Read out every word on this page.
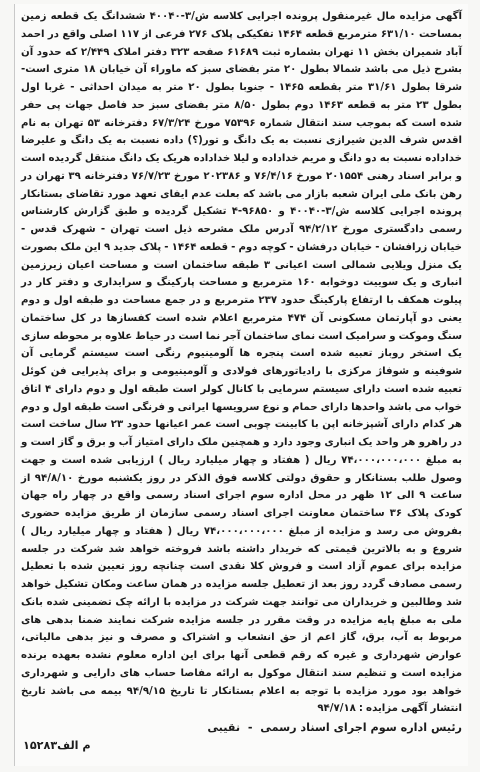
آگهی مزایده مال غیرمنقول پرونده اجرایی کلاسه ش/۳-۴۰۰۴۰ ششدانگ یک قطعه زمین بمساحت ۶۳۱/۱۰ مترمربع قطعه ۱۴۶۴ تفکیکی پلاک ۲۷۶ فرعی از ۱۱۷ اصلی واقع در احمد آباد شمیران بخش ۱۱ تهران بشماره ثبت ۶۱۶۸۹ صفحه ۳۲۳ دفتر املاک ۲/۴۴۹ که حدود آن بشرح ذیل می باشد شمالا بطول ۲۰ متر بفضای سبز که ماوراء آن خیابان ۱۸ متری است- شرقا بطول ۳۱/۶۱ متر بقطعه ۱۴۶۵ - جنوبا بطول ۲۰ متر به میدان احداثی - غربا اول بطول ۲۳ متر به قطعه ۱۴۶۳ دوم بطول ۸/۵۰ متر بفضای سبز حد فاصل جهات پی حفر شده است که بموجب سند انتقال شماره ۷۵۳۹۶ مورخ ۶۷/۳/۲۴ دفترخانه ۵۳ تهران به نام اقدس شرف الدین شیرازی نسبت به یک دانگ و تور(؟) داده نسبت به یک دانگ و علیرضا خداداده نسبت به دو دانگ و مریم خداداده و لیلا خداداده هریک یک دانگ منتقل گردیده است و برابر اسناد رهنی ۲۰۱۵۵۴ مورخ ۷۶/۴/۱۶ و ۲۰۲۳۸۶ مورخ ۷۶/۷/۲۳ دفترخانه ۳۹ تهران در رهن بانک ملی ایران شعبه بازار می باشد که بعلت عدم ایفای تعهد مورد تقاضای بستانکار پرونده اجرایی کلاسه ش/۳-۴۰۰۴۰ و ۹۶۸۵۰-۴ تشکیل گردیده و طبق گزارش کارشناس رسمی دادگستری مورخ ۹۴/۲/۱۲ آدرس ملک مشرحه ذیل است تهران - شهرک قدس - خیابان زرافشان - خیابان درفشان - کوچه دوم - قطعه ۱۴۶۴ - پلاک جدید ۹ این ملک بصورت یک منزل ویلایی شمالی است اعیانی ۳ طبقه ساختمان است و مساحت اعیان زیرزمین انباری و یک سوییت دوخوابه ۱۶۰ مترمربع و مساحت پارکینگ و سرایداری و دفتر کار در پیلوت همکف با ارتفاع پارکینگ حدود ۲۳۷ مترمربع و در جمع مساحت دو طبقه اول و دوم یعنی دو آپارتمان مسکونی آن ۴۷۴ مترمربع اعلام شده است کفسازها در کل ساختمان سنگ وموکت و سرامیک است نمای ساختمان آجر نما است در حیاط علاوه بر محوطه سازی یک استخر روباز تعبیه شده است پنجره ها آلومینیوم رنگی است سیستم گرمایی آن شوفینه و شوفاژ مرکزی با رادیاتورهای فولادی و آلومینیومی و برای پذیرایی فن کوئل تعبیه شده است دارای سیستم سرمایی با کانال کولر است طبقه اول و دوم دارای ۴ اتاق خواب می باشد واحدها دارای حمام و نوع سرویسها ایرانی و فرنگی است طبقه اول و دوم هر کدام دارای آشپزخانه اپن با کابینت چوبی است عمر اعیانها حدود ۲۳ سال ساخت است در راهرو هر واحد یک انباری وجود دارد و همچنین ملک دارای امتیاز آب و برق و گاز است و به مبلغ ۷۴،۰۰۰،۰۰۰،۰۰۰ ریال ( هفتاد و چهار میلیارد ریال ) ارزیابی شده است و جهت وصول طلب بستانکار و حقوق دولتی کلاسه فوق الذکر در روز یکشنبه مورخ ۹۴/۸/۱۰ از ساعت ۹ الی ۱۲ ظهر در محل اداره سوم اجرای اسناد رسمی واقع در چهار راه جهان کودک پلاک ۳۶ ساختمان معاونت اجرای اسناد رسمی سازمان از طریق مزایده حضوری بفروش می رسد و مزایده از مبلغ ۷۴،۰۰۰،۰۰۰،۰۰۰ ریال ( هفتاد و چهار میلیارد ریال ) شروع و به بالاترین قیمتی که خریدار داشته باشد فروخته خواهد شد شرکت در جلسه مزایده برای عموم آزاد است و فروش کلا نقدی است چنانچه روز تعیین شده با تعطیل رسمی مصادف گردد روز بعد از تعطیل جلسه مزایده در همان ساعت ومکان تشکیل خواهد شد وطالبین و خریداران می توانند جهت شرکت در مزایده با ارائه چک تضمینی شده بانک ملی به مبلغ پایه مزایده در وقت مقرر در جلسه مزایده شرکت نمایند ضمنا بدهی های مربوط به آب، برق، گاز اعم از حق انشعاب و اشتراک و مصرف و نیز بدهی مالیاتی، عوارض شهرداری و غیره که رقم قطعی آنها برای این اداره معلوم نشده بعهده برنده مزایده است و تنظیم سند انتقال موکول به ارائه مفاصا حساب های دارایی و شهرداری خواهد بود مورد مزایده با توجه به اعلام بستانکار تا تاریخ ۹۴/۹/۱۵ بیمه می باشد تاریخ انتشار آگهی مزایده : ۹۴/۷/۱۸

رئیس اداره سوم اجرای اسناد رسمی  -  نقیبی

۱۵۲۸۳م الف
